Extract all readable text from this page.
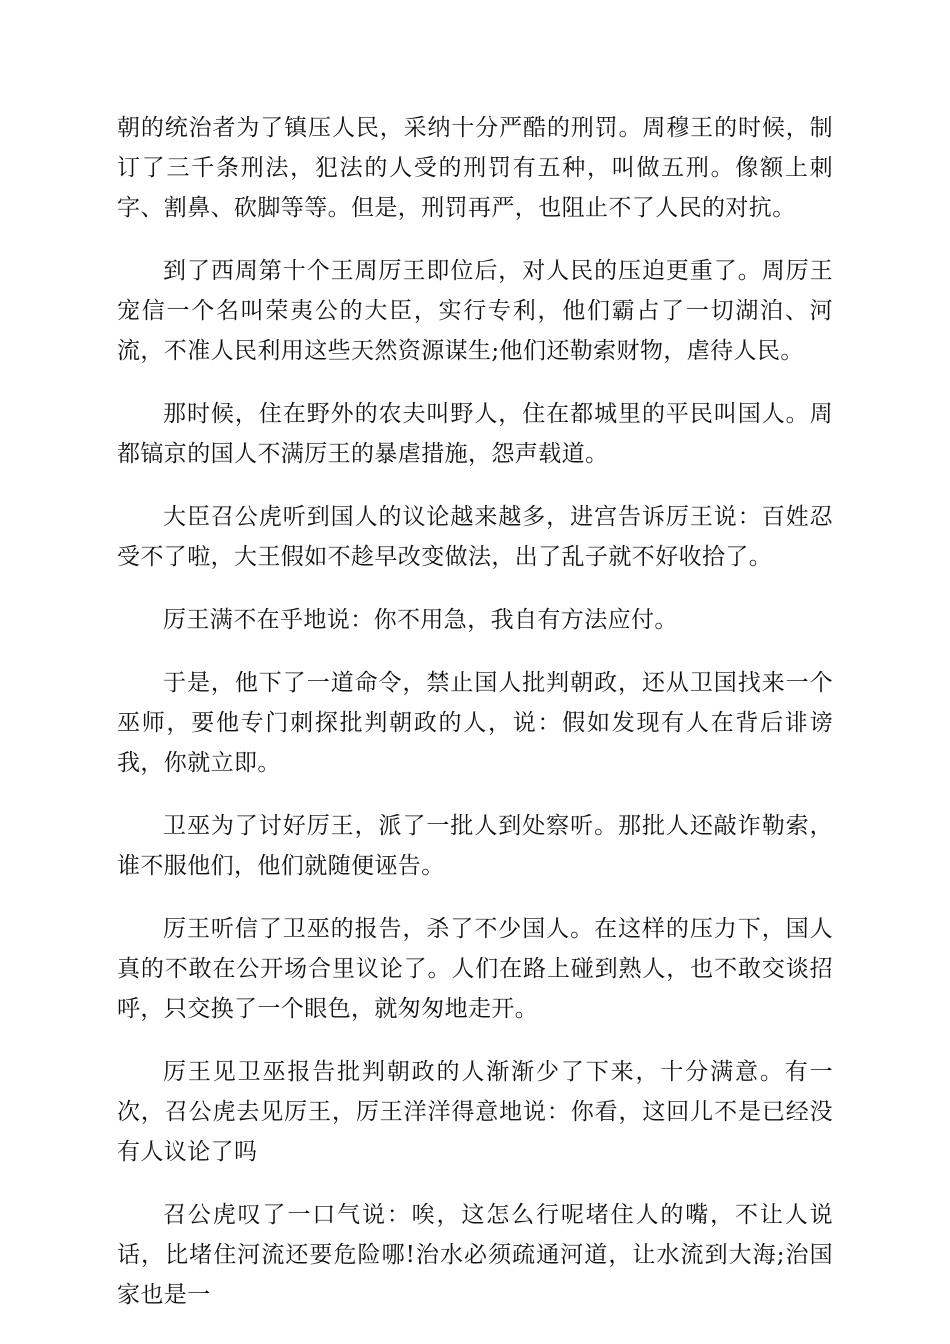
朝的统治者为了镇压人民，采纳十分严酷的刑罚。周穆王的时候，制订了三千条刑法，犯法的人受的刑罚有五种，叫做五刑。像额上刺字、割鼻、砍脚等等。但是，刑罚再严，也阻止不了人民的对抗。

到了西周第十个王周厉王即位后，对人民的压迫更重了。周厉王宠信一个名叫荣夷公的大臣，实行专利，他们霸占了一切湖泊、河流，不准人民利用这些天然资源谋生;他们还勒索财物，虐待人民。

那时候，住在野外的农夫叫野人，住在都城里的平民叫国人。周都镐京的国人不满厉王的暴虐措施，怨声载道。

大臣召公虎听到国人的议论越来越多，进宫告诉厉王说：百姓忍受不了啦，大王假如不趁早改变做法，出了乱子就不好收拾了。

厉王满不在乎地说：你不用急，我自有方法应付。

于是，他下了一道命令，禁止国人批判朝政，还从卫国找来一个巫师，要他专门刺探批判朝政的人，说：假如发现有人在背后诽谤我，你就立即。

卫巫为了讨好厉王，派了一批人到处察听。那批人还敲诈勒索，谁不服他们，他们就随便诬告。

厉王听信了卫巫的报告，杀了不少国人。在这样的压力下，国人真的不敢在公开场合里议论了。人们在路上碰到熟人，也不敢交谈招呼，只交换了一个眼色，就匆匆地走开。

厉王见卫巫报告批判朝政的人渐渐少了下来，十分满意。有一次，召公虎去见厉王，厉王洋洋得意地说：你看，这回儿不是已经没有人议论了吗

召公虎叹了一口气说：唉，这怎么行呢堵住人的嘴，不让人说话，比堵住河流还要危险哪!治水必须疏通河道，让水流到大海;治国家也是一
